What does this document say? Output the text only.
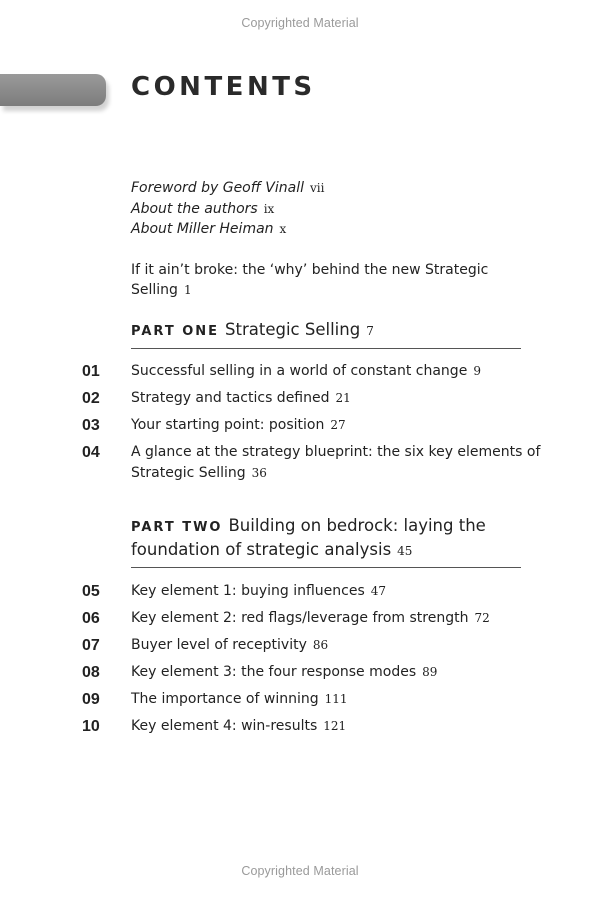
Copyrighted Material
CONTENTS
Foreword by Geoff Vinall vii
About the authors ix
About Miller Heiman x
If it ain’t broke: the ‘why’ behind the new Strategic
Selling 1
PART ONE Strategic Selling 7
01 Successful selling in a world of constant change 9
02 Strategy and tactics defined 21
03 Your starting point: position 27
04 A glance at the strategy blueprint: the six key elements of
Strategic Selling 36
PART TWO Building on bedrock: laying the
foundation of strategic analysis 45
05 Key element 1: buying influences 47
06 Key element 2: red flags/leverage from strength 72
07 Buyer level of receptivity 86
08 Key element 3: the four response modes 89
09 The importance of winning 111
10 Key element 4: win-results 121
Copyrighted Material
